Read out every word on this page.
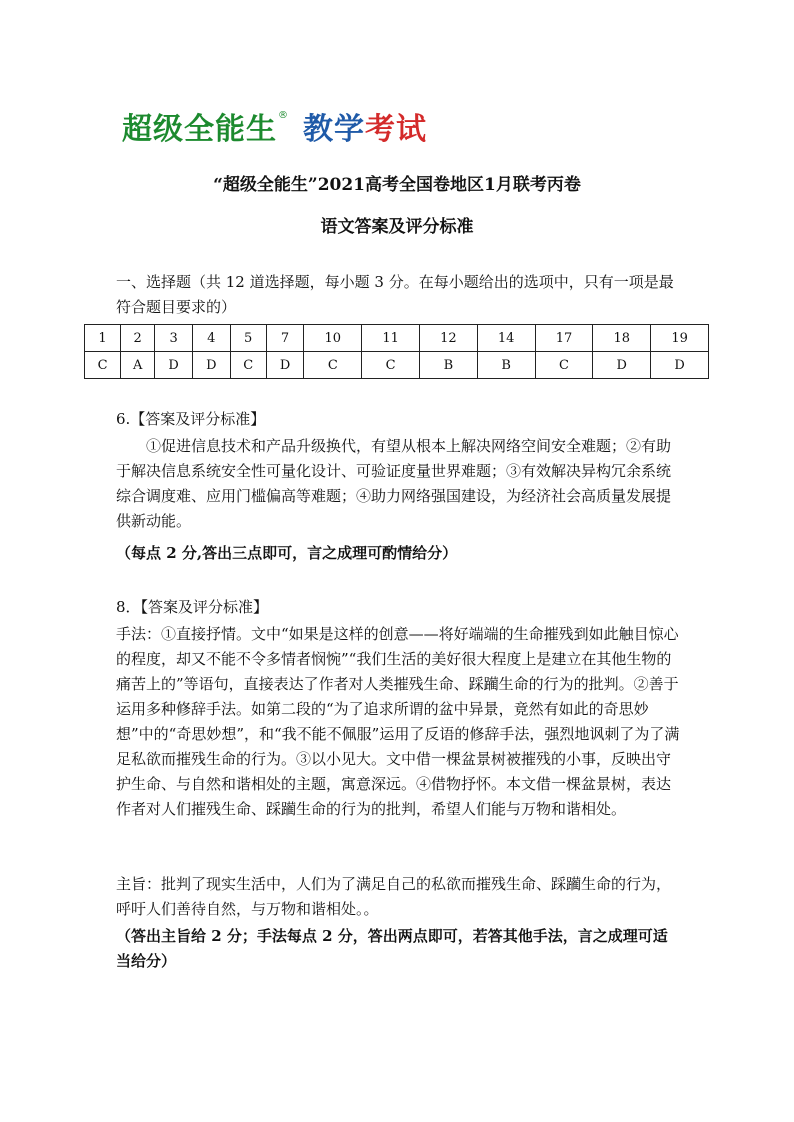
超级全能生 ® 教学 考试
“超级全能生”2021高考全国卷地区1月联考丙卷
语文答案及评分标准
一、选择题（共 12 道选择题，每小题 3 分。在每小题给出的选项中，只有一项是最符合题目要求的）
1	2	3	4	5	7	10	11	12	14	17	18	19
C	A	D	D	C	D	C	C	B	B	C	D	D
6.【答案及评分标准】
①促进信息技术和产品升级换代，有望从根本上解决网络空间安全难题；②有助于解决信息系统安全性可量化设计、可验证度量世界难题；③有效解决异构冗余系统综合调度难、应用门槛偏高等难题；④助力网络强国建设，为经济社会高质量发展提供新动能。
（每点 2 分,答出三点即可，言之成理可酌情给分）
8．【答案及评分标准】
手法：①直接抒情。文中“如果是这样的创意——将好端端的生命摧残到如此触目惊心的程度，却又不能不令多情者悯惋”“我们生活的美好很大程度上是建立在其他生物的痛苦上的”等语句，直接表达了作者对人类摧残生命、踩躏生命的行为的批判。②善于运用多种修辞手法。如第二段的“为了追求所谓的盆中异景，竟然有如此的奇思妙想”中的“奇思妙想”，和“我不能不佩服”运用了反语的修辞手法，强烈地讽刺了为了满足私欲而摧残生命的行为。③以小见大。文中借一棵盆景树被摧残的小事，反映出守护生命、与自然和谐相处的主题，寓意深远。④借物抒怀。本文借一棵盆景树，表达作者对人们摧残生命、踩躏生命的行为的批判，希望人们能与万物和谐相处。
主旨：批判了现实生活中，人们为了满足自己的私欲而摧残生命、踩躏生命的行为，呼吁人们善待自然，与万物和谐相处。。
（答出主旨给 2 分；手法每点 2 分，答出两点即可，若答其他手法，言之成理可适当给分）
